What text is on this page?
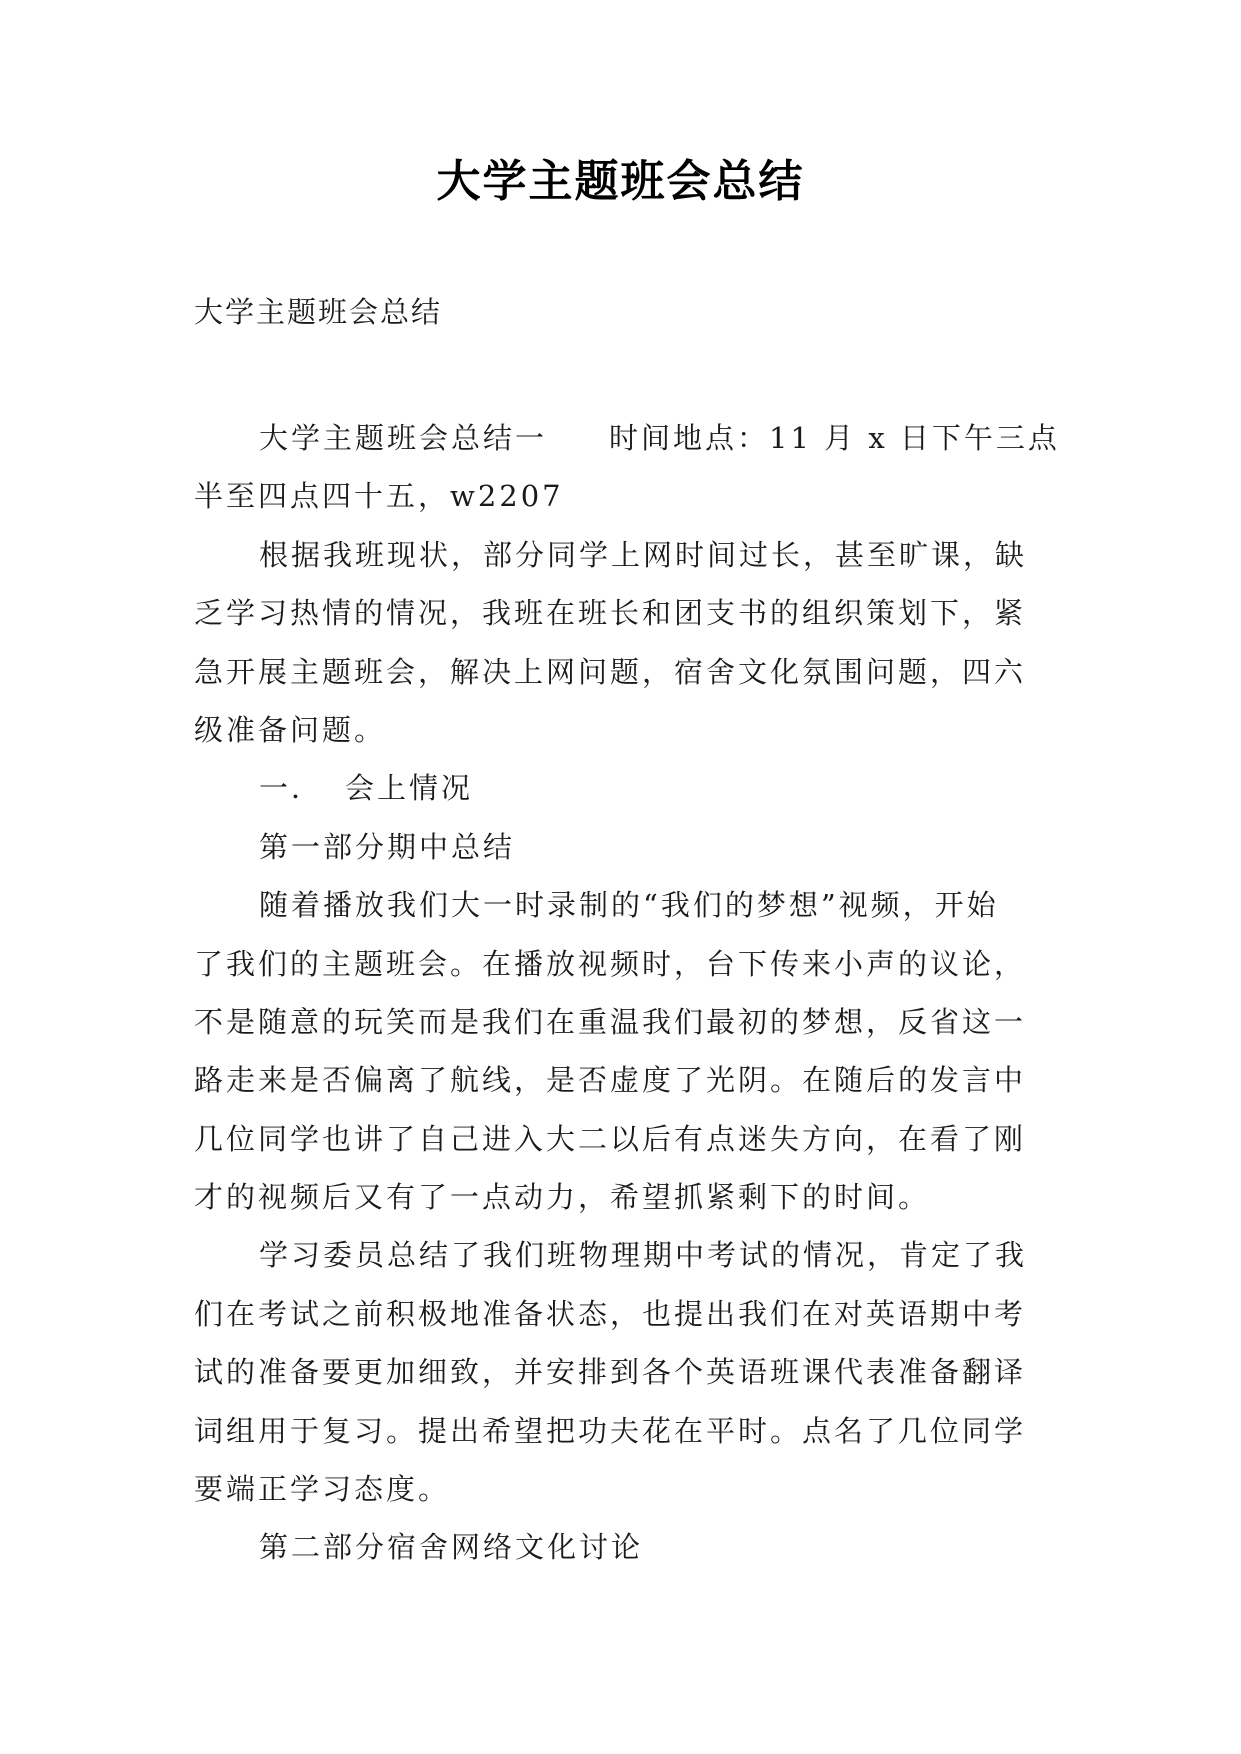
大学主题班会总结
大学主题班会总结
大学主题班会总结一 时间地点：11 月 x 日下午三点
半至四点四十五，w2207
根据我班现状，部分同学上网时间过长，甚至旷课，缺
乏学习热情的情况，我班在班长和团支书的组织策划下，紧
急开展主题班会，解决上网问题，宿舍文化氛围问题，四六
级准备问题。
一． 会上情况
第一部分期中总结
随着播放我们大一时录制的“我们的梦想”视频，开始
了我们的主题班会。在播放视频时，台下传来小声的议论，
不是随意的玩笑而是我们在重温我们最初的梦想，反省这一
路走来是否偏离了航线，是否虚度了光阴。在随后的发言中
几位同学也讲了自己进入大二以后有点迷失方向，在看了刚
才的视频后又有了一点动力，希望抓紧剩下的时间。
学习委员总结了我们班物理期中考试的情况，肯定了我
们在考试之前积极地准备状态，也提出我们在对英语期中考
试的准备要更加细致，并安排到各个英语班课代表准备翻译
词组用于复习。提出希望把功夫花在平时。点名了几位同学
要端正学习态度。
第二部分宿舍网络文化讨论
